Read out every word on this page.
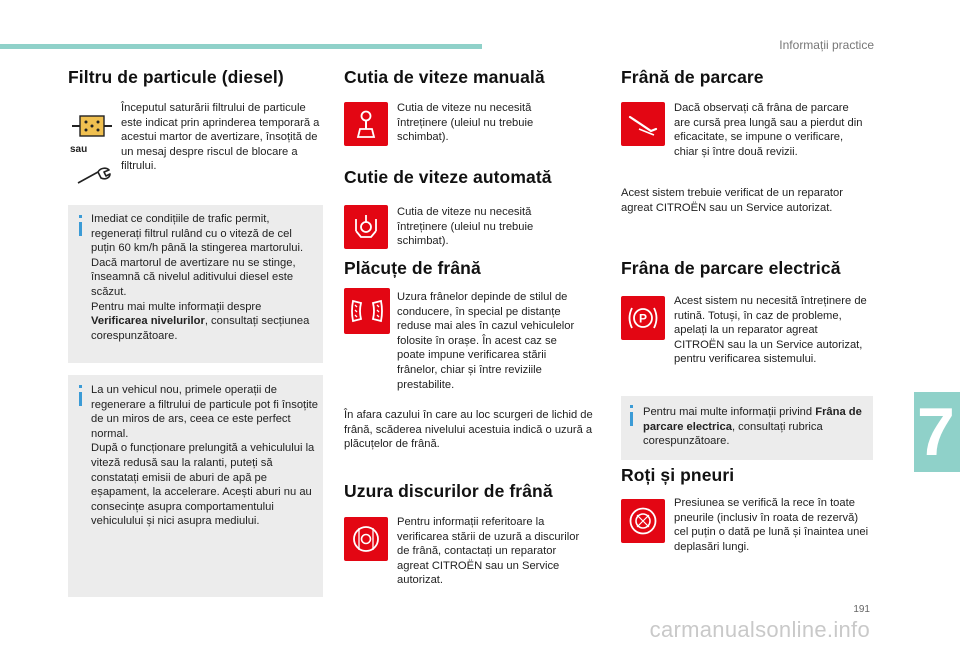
Informații practice
Filtru de particule (diesel)
sau
Începutul saturării filtrului de particule este indicat prin aprinderea temporară a acestui martor de avertizare, însoțită de un mesaj despre riscul de blocare a filtrului.
Imediat ce condițiile de trafic permit, regenerați filtrul rulând cu o viteză de cel puțin 60 km/h până la stingerea martorului.
Dacă martorul de avertizare nu se stinge, înseamnă că nivelul aditivului diesel este scăzut.
Pentru mai multe informații despre Verificarea nivelurilor, consultați secțiunea corespunzătoare.
La un vehicul nou, primele operații de regenerare a filtrului de particule pot fi însoțite de un miros de ars, ceea ce este perfect normal.
După o funcționare prelungită a vehiculului la viteză redusă sau la ralanti, puteți să constatați emisii de aburi de apă pe eșapament, la accelerare. Acești aburi nu au consecințe asupra comportamentului vehiculului și nici asupra mediului.
Cutia de viteze manuală
Cutia de viteze nu necesită întreținere (uleiul nu trebuie schimbat).
Cutie de viteze automată
Cutia de viteze nu necesită întreținere (uleiul nu trebuie schimbat).
Plăcuțe de frână
Uzura frânelor depinde de stilul de conducere, în special pe distanțe reduse mai ales în cazul vehiculelor folosite în orașe. În acest caz se poate impune verificarea stării frânelor, chiar și între reviziile prestabilite.
În afara cazului în care au loc scurgeri de lichid de frână, scăderea nivelului acestuia indică o uzură a plăcuțelor de frână.
Uzura discurilor de frână
Pentru informații referitoare la verificarea stării de uzură a discurilor de frână, contactați un reparator agreat CITROËN sau un Service autorizat.
Frână de parcare
Dacă observați că frâna de parcare are cursă prea lungă sau a pierdut din eficacitate, se impune o verificare, chiar și între două revizii.
Acest sistem trebuie verificat de un reparator agreat CITROËN sau un Service autorizat.
Frâna de parcare electrică
P
Acest sistem nu necesită întreținere de rutină. Totuși, în caz de probleme, apelați la un reparator agreat CITROËN sau la un Service autorizat, pentru verificarea sistemului.
Pentru mai multe informații privind Frâna de parcare electrica, consultați rubrica corespunzătoare.
Roți și pneuri
Presiunea se verifică la rece în toate pneurile (inclusiv în roata de rezervă) cel puțin o dată pe lună și înaintea unei deplasări lungi.
7
191
carmanualsonline.info
